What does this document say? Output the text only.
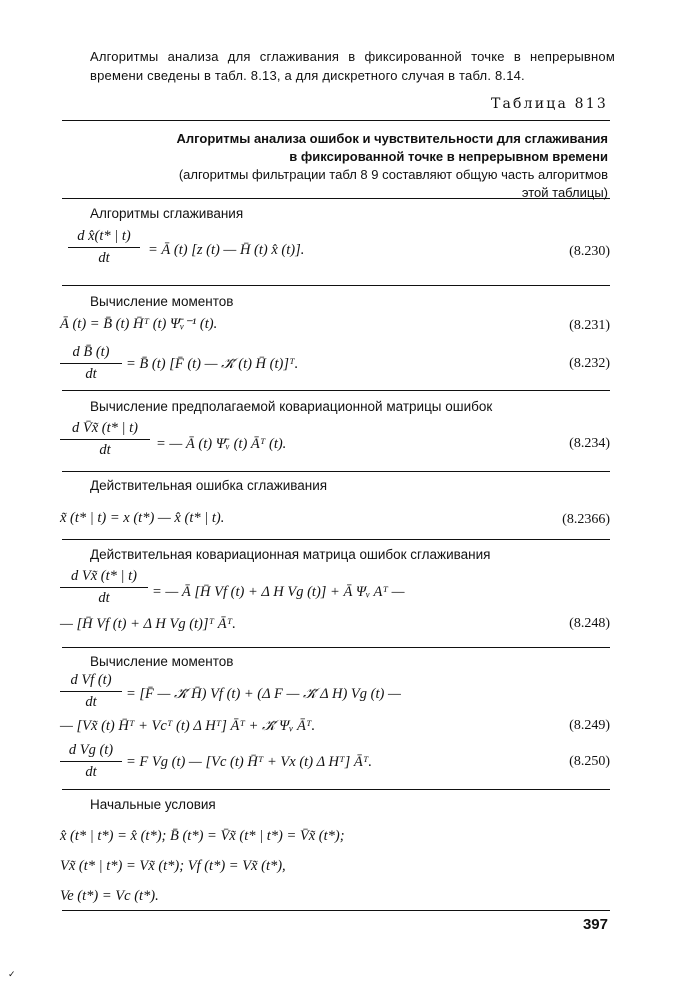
Алгоритмы анализа для сглаживания в фиксированной точке в непрерывном времени сведены в табл. 8.13, а для дискретного случая в табл. 8.14.
Таблица 813
Алгоритмы анализа ошибок и чувствительности для сглаживания
в фиксированной точке в непрерывном времени
(алгоритмы фильтрации табл 8 9 составляют общую часть алгоритмов
этой таблицы)
Алгоритмы сглаживания
d x̂(t* | t)
dt	= Ā (t) [z (t) — H̄ (t) x̂ (t)].	(8.230)
Вычисление моментов
Ā (t) = B̄ (t) H̄ᵀ (t) Ψ̄ᵥ⁻¹ (t).	(8.231)
d B̄ (t)
dt
= B̄ (t) [F̄ (t) — 𝒦̄ (t) H̄ (t)]ᵀ.	(8.232)
Вычисление предполагаемой ковариационной матрицы ошибок
d V̄x̃ (t* | t)
dt	= — Ā (t) Ψ̄ᵥ (t) Āᵀ (t).	(8.234)
Действительная ошибка сглаживания
x̃ (t* | t) = x (t*) — x̂ (t* | t).	(8.2366)
Действительная ковариационная матрица ошибок сглаживания
d Vx̃ (t* | t)
dt	= — Ā [H̄ Vf (t) + Δ H Vg (t)] + Ā Ψᵥ Aᵀ —
— [H̄ Vf (t) + Δ H Vg (t)]ᵀ Āᵀ.	(8.248)
Вычисление моментов
d Vf (t)
dt	= [F̄ — 𝒦̄ H̄) Vf (t) + (Δ F — 𝒦̄ Δ H) Vg (t) —
— [Vx̃ (t) H̄ᵀ + Vcᵀ (t) Δ Hᵀ] Āᵀ + 𝒦̄ Ψᵥ Āᵀ.	(8.249)
d Vg (t)
dt
= F Vg (t) — [Vc (t) H̄ᵀ + Vx (t) Δ Hᵀ] Āᵀ.	(8.250)
Начальные условия
x̂ (t* | t*) = x̂ (t*); B̄ (t*) = V̄x̃ (t* | t*) = V̄x̃ (t*);
Vx̃ (t* | t*) = Vx̃ (t*); Vf (t*) = Vx̃ (t*),
Ve (t*) = Vc (t*).
397
✓
